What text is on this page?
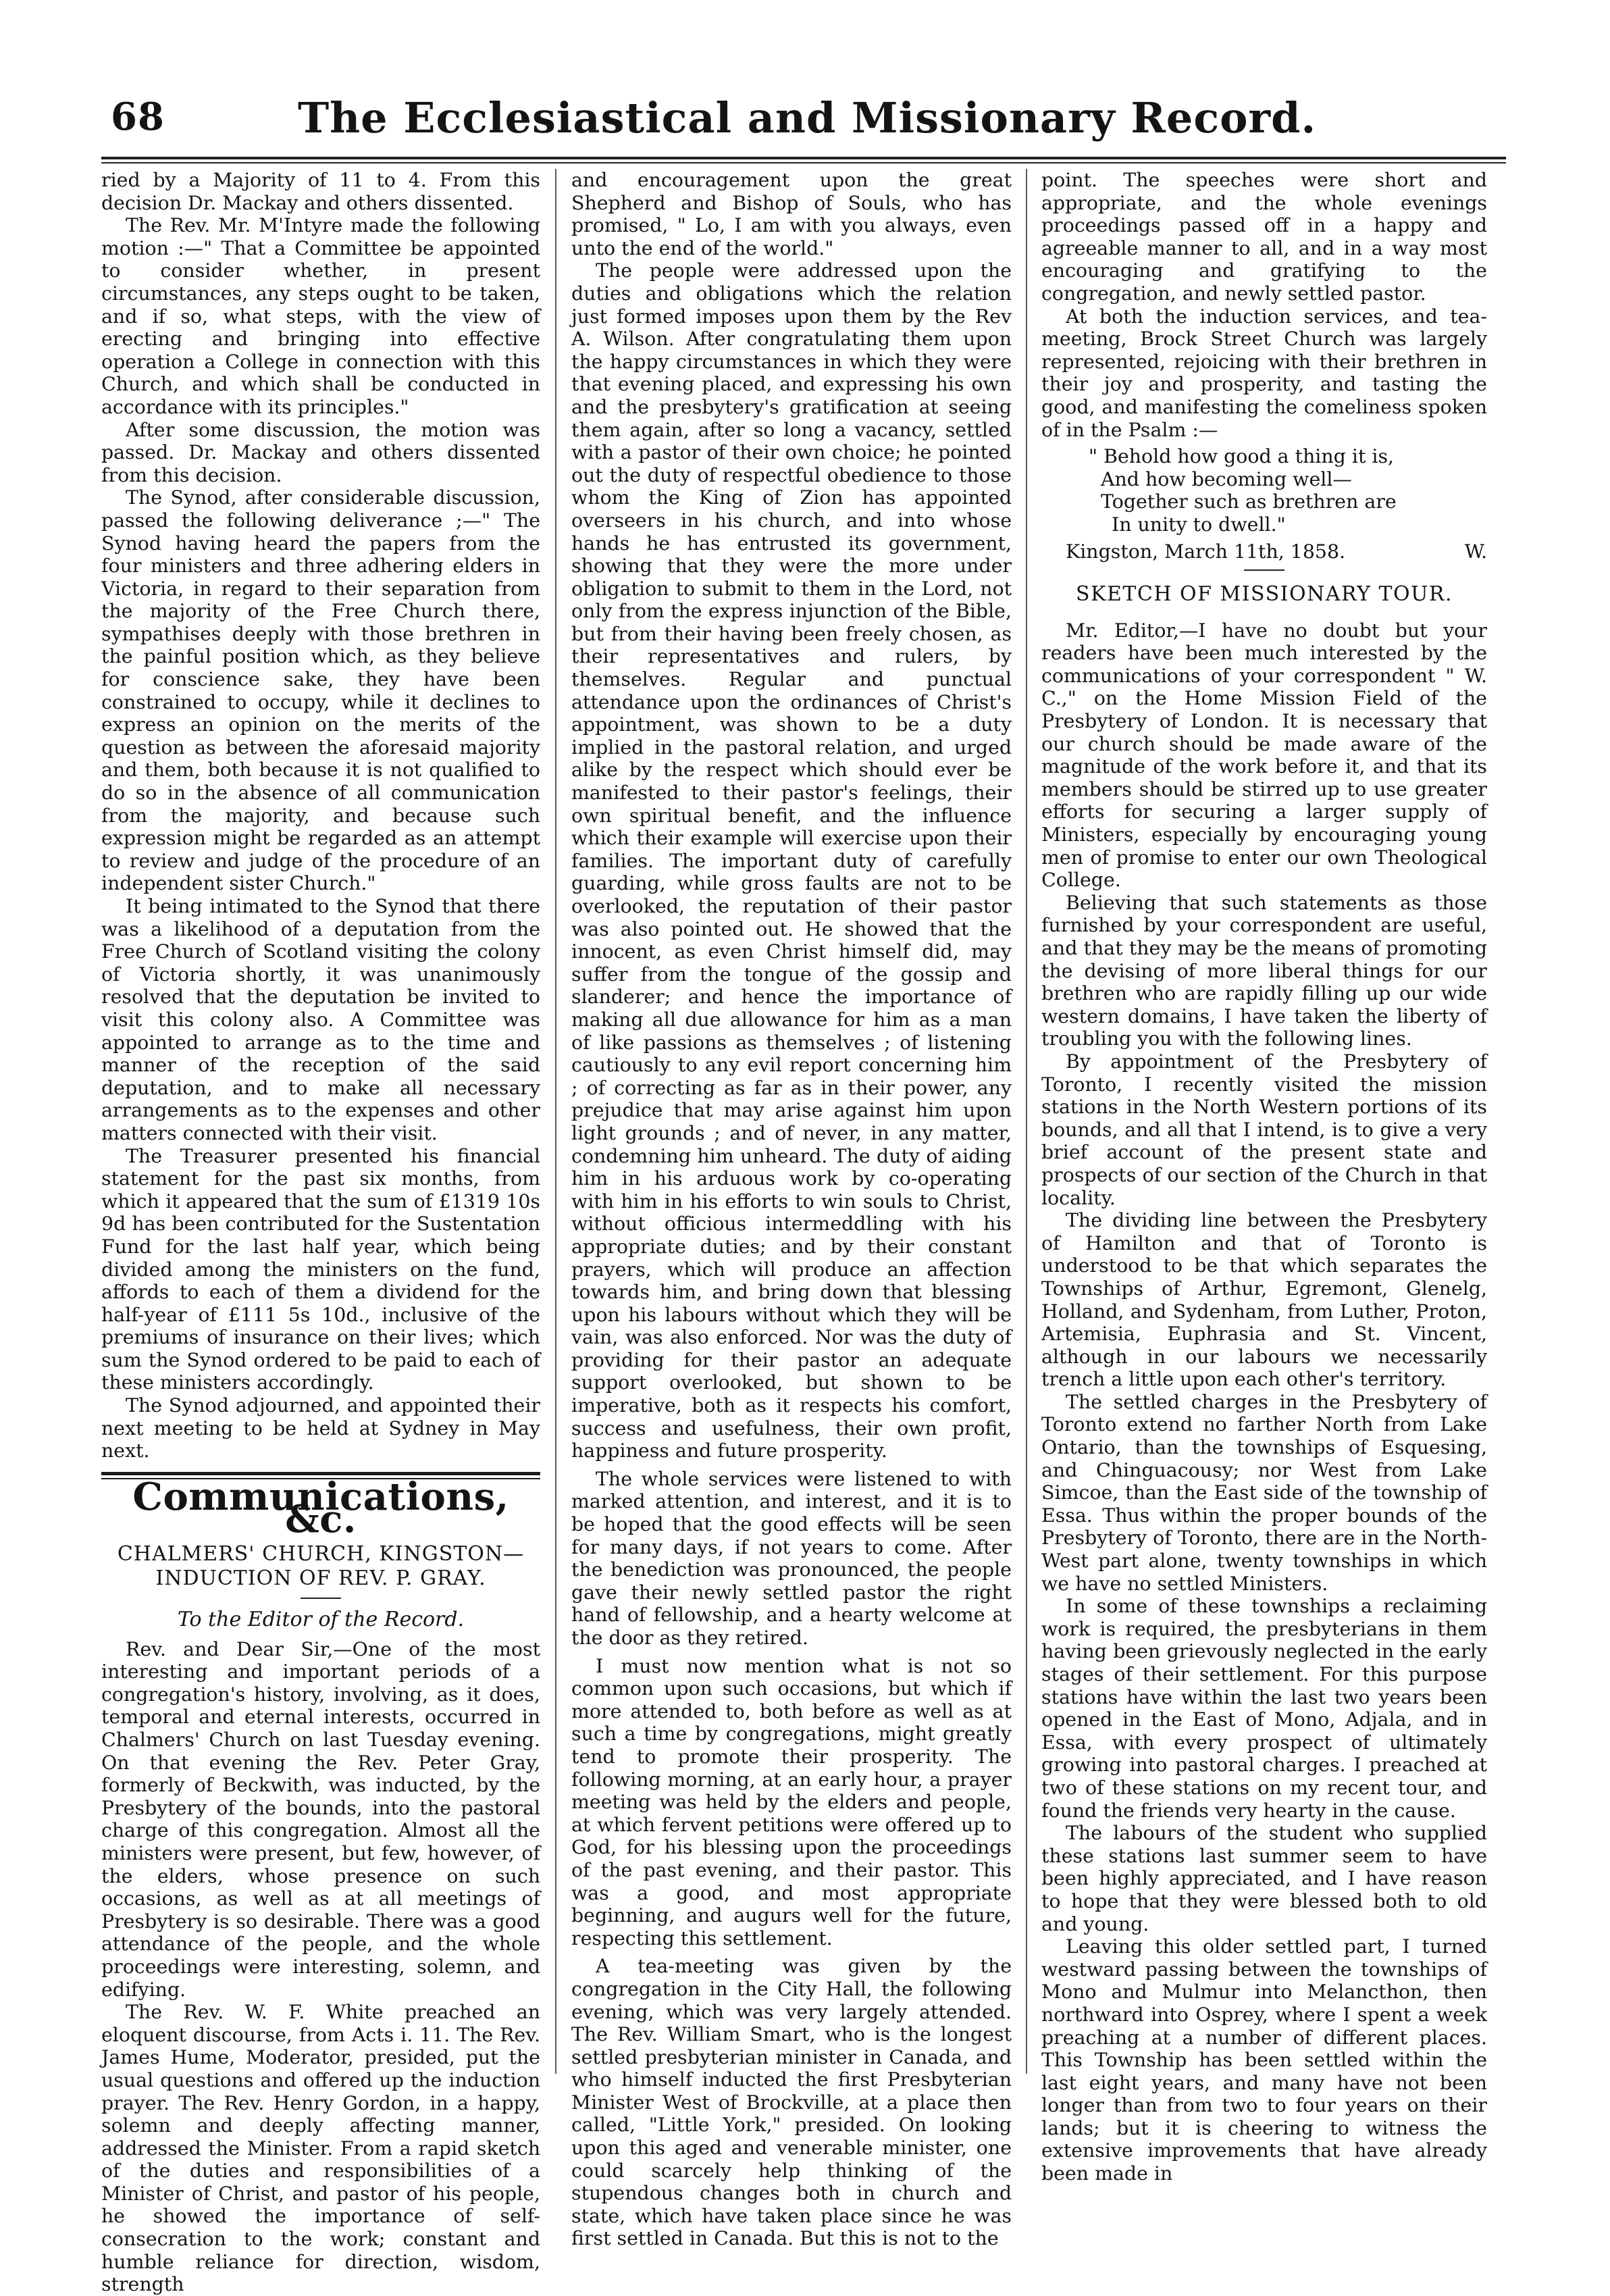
68	The Ecclesiastical and Missionary Record.

ried by a Majority of 11 to 4. From this decision Dr. Mackay and others dissented.

The Rev. Mr. M'Intyre made the following motion :—" That a Committee be appointed to consider whether, in present circumstances, any steps ought to be taken, and if so, what steps, with the view of erecting and bringing into effective operation a College in connection with this Church, and which shall be conducted in accordance with its principles."

After some discussion, the motion was passed. Dr. Mackay and others dissented from this decision.

The Synod, after considerable discussion, passed the following deliverance ;—" The Synod having heard the papers from the four ministers and three adhering elders in Victoria, in regard to their separation from the majority of the Free Church there, sympathises deeply with those brethren in the painful position which, as they believe for conscience sake, they have been constrained to occupy, while it declines to express an opinion on the merits of the question as between the aforesaid majority and them, both because it is not qualified to do so in the absence of all communication from the majority, and because such expression might be regarded as an attempt to review and judge of the procedure of an independent sister Church."

It being intimated to the Synod that there was a likelihood of a deputation from the Free Church of Scotland visiting the colony of Victoria shortly, it was unanimously resolved that the deputation be invited to visit this colony also. A Committee was appointed to arrange as to the time and manner of the reception of the said deputation, and to make all necessary arrangements as to the expenses and other matters connected with their visit.

The Treasurer presented his financial statement for the past six months, from which it appeared that the sum of £1319 10s 9d has been contributed for the Sustentation Fund for the last half year, which being divided among the ministers on the fund, affords to each of them a dividend for the half-year of £111 5s 10d., inclusive of the premiums of insurance on their lives; which sum the Synod ordered to be paid to each of these ministers accordingly.

The Synod adjourned, and appointed their next meeting to be held at Sydney in May next.

Communications, &c.
CHALMERS' CHURCH, KINGSTON—INDUCTION OF REV. P. GRAY.
To the Editor of the Record.

Rev. and Dear Sir,—One of the most interesting and important periods of a congregation's history, involving, as it does, temporal and eternal interests, occurred in Chalmers' Church on last Tuesday evening. On that evening the Rev. Peter Gray, formerly of Beckwith, was inducted, by the Presbytery of the bounds, into the pastoral charge of this congregation. Almost all the ministers were present, but few, however, of the elders, whose presence on such occasions, as well as at all meetings of Presbytery is so desirable. There was a good attendance of the people, and the whole proceedings were interesting, solemn, and edifying.

The Rev. W. F. White preached an eloquent discourse, from Acts i. 11. The Rev. James Hume, Moderator, presided, put the usual questions and offered up the induction prayer. The Rev. Henry Gordon, in a happy, solemn and deeply affecting manner, addressed the Minister. From a rapid sketch of the duties and responsibilities of a Minister of Christ, and pastor of his people, he showed the importance of self-consecration to the work; constant and humble reliance for direction, wisdom, strength

and encouragement upon the great Shepherd and Bishop of Souls, who has promised, " Lo, I am with you always, even unto the end of the world."

The people were addressed upon the duties and obligations which the relation just formed imposes upon them by the Rev A. Wilson. After congratulating them upon the happy circumstances in which they were that evening placed, and expressing his own and the presbytery's gratification at seeing them again, after so long a vacancy, settled with a pastor of their own choice; he pointed out the duty of respectful obedience to those whom the King of Zion has appointed overseers in his church, and into whose hands he has entrusted its government, showing that they were the more under obligation to submit to them in the Lord, not only from the express injunction of the Bible, but from their having been freely chosen, as their representatives and rulers, by themselves. Regular and punctual attendance upon the ordinances of Christ's appointment, was shown to be a duty implied in the pastoral relation, and urged alike by the respect which should ever be manifested to their pastor's feelings, their own spiritual benefit, and the influence which their example will exercise upon their families. The important duty of carefully guarding, while gross faults are not to be overlooked, the reputation of their pastor was also pointed out. He showed that the innocent, as even Christ himself did, may suffer from the tongue of the gossip and slanderer; and hence the importance of making all due allowance for him as a man of like passions as themselves ; of listening cautiously to any evil report concerning him ; of correcting as far as in their power, any prejudice that may arise against him upon light grounds ; and of never, in any matter, condemning him unheard. The duty of aiding him in his arduous work by co-operating with him in his efforts to win souls to Christ, without officious intermeddling with his appropriate duties; and by their constant prayers, which will produce an affection towards him, and bring down that blessing upon his labours without which they will be vain, was also enforced. Nor was the duty of providing for their pastor an adequate support overlooked, but shown to be imperative, both as it respects his comfort, success and usefulness, their own profit, happiness and future prosperity.

The whole services were listened to with marked attention, and interest, and it is to be hoped that the good effects will be seen for many days, if not years to come. After the benediction was pronounced, the people gave their newly settled pastor the right hand of fellowship, and a hearty welcome at the door as they retired.

I must now mention what is not so common upon such occasions, but which if more attended to, both before as well as at such a time by congregations, might greatly tend to promote their prosperity. The following morning, at an early hour, a prayer meeting was held by the elders and people, at which fervent petitions were offered up to God, for his blessing upon the proceedings of the past evening, and their pastor. This was a good, and most appropriate beginning, and augurs well for the future, respecting this settlement.

A tea-meeting was given by the congregation in the City Hall, the following evening, which was very largely attended. The Rev. William Smart, who is the longest settled presbyterian minister in Canada, and who himself inducted the first Presbyterian Minister West of Brockville, at a place then called, "Little York," presided. On looking upon this aged and venerable minister, one could scarcely help thinking of the stupendous changes both in church and state, which have taken place since he was first settled in Canada. But this is not to the

point. The speeches were short and appropriate, and the whole evenings proceedings passed off in a happy and agreeable manner to all, and in a way most encouraging and gratifying to the congregation, and newly settled pastor.

At both the induction services, and tea-meeting, Brock Street Church was largely represented, rejoicing with their brethren in their joy and prosperity, and tasting the good, and manifesting the comeliness spoken of in the Psalm :—

" Behold how good a thing it is,
And how becoming well—
Together such as brethren are
In unity to dwell."
Kingston, March 11th, 1858.	W.
SKETCH OF MISSIONARY TOUR.

Mr. Editor,—I have no doubt but your readers have been much interested by the communications of your correspondent " W. C.," on the Home Mission Field of the Presbytery of London. It is necessary that our church should be made aware of the magnitude of the work before it, and that its members should be stirred up to use greater efforts for securing a larger supply of Ministers, especially by encouraging young men of promise to enter our own Theological College.

Believing that such statements as those furnished by your correspondent are useful, and that they may be the means of promoting the devising of more liberal things for our brethren who are rapidly filling up our wide western domains, I have taken the liberty of troubling you with the following lines.

By appointment of the Presbytery of Toronto, I recently visited the mission stations in the North Western portions of its bounds, and all that I intend, is to give a very brief account of the present state and prospects of our section of the Church in that locality.

The dividing line between the Presbytery of Hamilton and that of Toronto is understood to be that which separates the Townships of Arthur, Egremont, Glenelg, Holland, and Sydenham, from Luther, Proton, Artemisia, Euphrasia and St. Vincent, although in our labours we necessarily trench a little upon each other's territory.

The settled charges in the Presbytery of Toronto extend no farther North from Lake Ontario, than the townships of Esquesing, and Chinguacousy; nor West from Lake Simcoe, than the East side of the township of Essa. Thus within the proper bounds of the Presbytery of Toronto, there are in the North-West part alone, twenty townships in which we have no settled Ministers.

In some of these townships a reclaiming work is required, the presbyterians in them having been grievously neglected in the early stages of their settlement. For this purpose stations have within the last two years been opened in the East of Mono, Adjala, and in Essa, with every prospect of ultimately growing into pastoral charges. I preached at two of these stations on my recent tour, and found the friends very hearty in the cause.

The labours of the student who supplied these stations last summer seem to have been highly appreciated, and I have reason to hope that they were blessed both to old and young.

Leaving this older settled part, I turned westward passing between the townships of Mono and Mulmur into Melancthon, then northward into Osprey, where I spent a week preaching at a number of different places. This Township has been settled within the last eight years, and many have not been longer than from two to four years on their lands; but it is cheering to witness the extensive improvements that have already been made in
